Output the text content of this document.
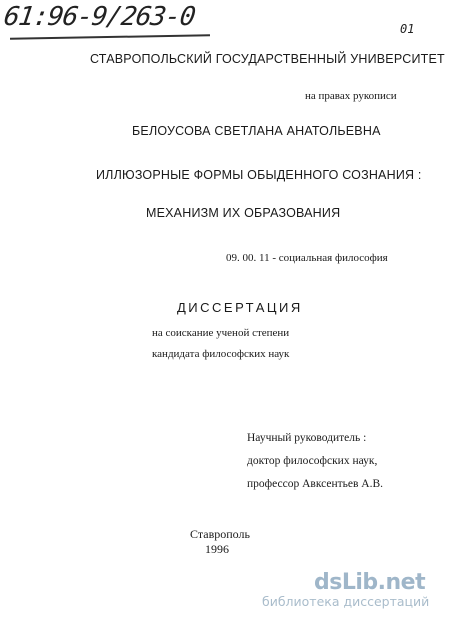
61:96-9/263-0	01
СТАВРОПОЛЬСКИЙ ГОСУДАРСТВЕННЫЙ УНИВЕРСИТЕТ
на правах рукописи
БЕЛОУСОВА СВЕТЛАНА АНАТОЛЬЕВНА
ИЛЛЮЗОРНЫЕ ФОРМЫ ОБЫДЕННОГО СОЗНАНИЯ :
МЕХАНИЗМ ИХ ОБРАЗОВАНИЯ
09. 00. 11 - социальная философия
ДИССЕРТАЦИЯ
на соискание ученой степени
кандидата философских наук
Научный руководитель :
доктор философских наук,
профессор Авксентьев А.В.
Ставрополь
1996
dsLib.net
библиотека диссертаций
